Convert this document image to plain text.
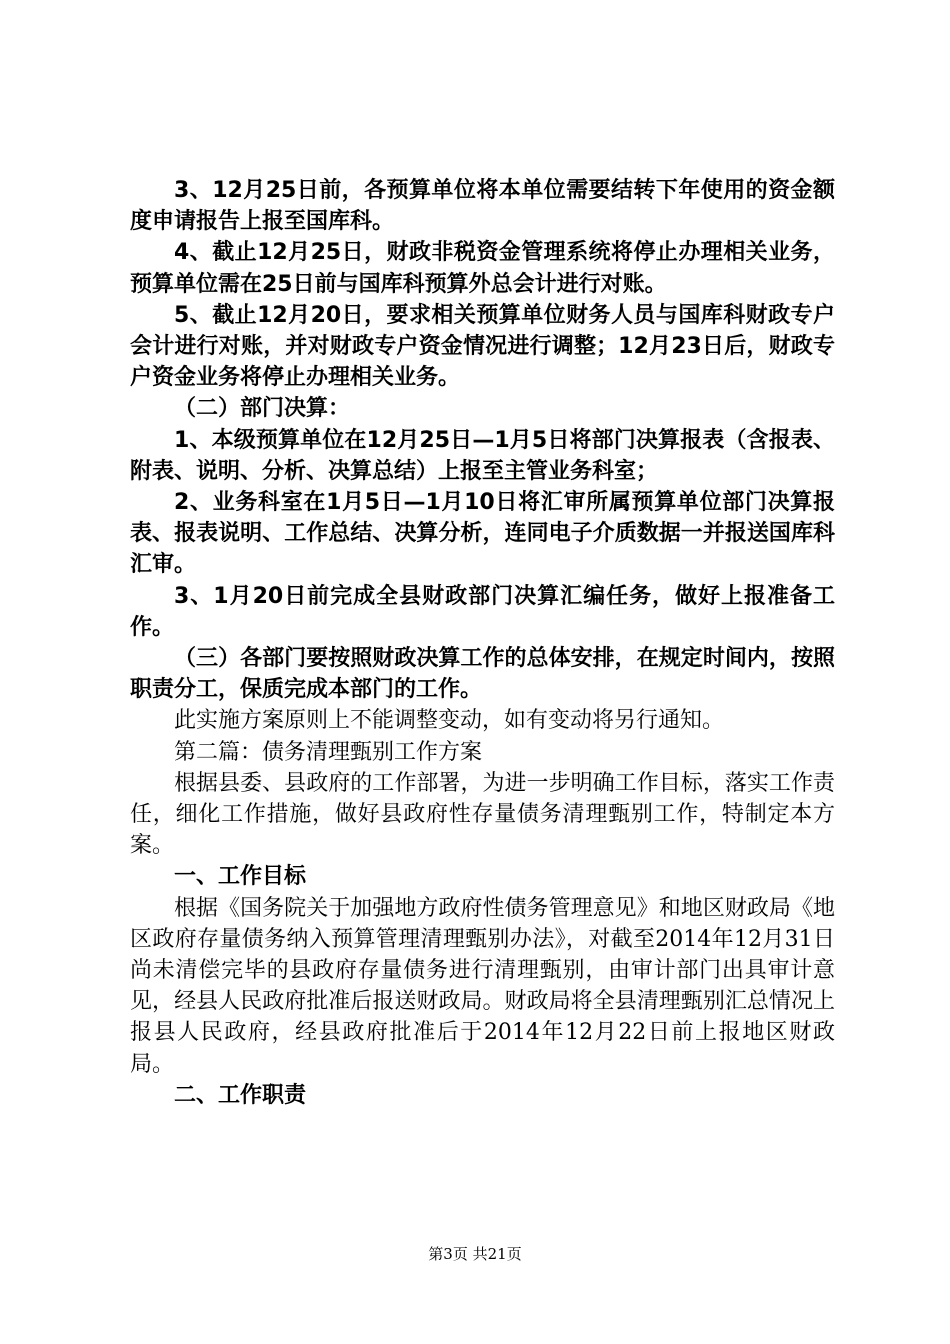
3、12月25日前，各预算单位将本单位需要结转下年使用的资金额度申请报告上报至国库科。

4、截止12月25日，财政非税资金管理系统将停止办理相关业务，预算单位需在25日前与国库科预算外总会计进行对账。

5、截止12月20日，要求相关预算单位财务人员与国库科财政专户会计进行对账，并对财政专户资金情况进行调整；12月23日后，财政专户资金业务将停止办理相关业务。

（二）部门决算：

1、本级预算单位在12月25日—1月5日将部门决算报表（含报表、附表、说明、分析、决算总结）上报至主管业务科室；

2、业务科室在1月5日—1月10日将汇审所属预算单位部门决算报表、报表说明、工作总结、决算分析，连同电子介质数据一并报送国库科汇审。

3、1月20日前完成全县财政部门决算汇编任务，做好上报准备工作。

（三）各部门要按照财政决算工作的总体安排，在规定时间内，按照职责分工，保质完成本部门的工作。

此实施方案原则上不能调整变动，如有变动将另行通知。

第二篇：债务清理甄别工作方案

根据县委、县政府的工作部署，为进一步明确工作目标，落实工作责任，细化工作措施，做好县政府性存量债务清理甄别工作，特制定本方案。

一、工作目标

根据《国务院关于加强地方政府性债务管理意见》和地区财政局《地区政府存量债务纳入预算管理清理甄别办法》，对截至2014年12月31日尚未清偿完毕的县政府存量债务进行清理甄别，由审计部门出具审计意见，经县人民政府批准后报送财政局。财政局将全县清理甄别汇总情况上报县人民政府，经县政府批准后于2014年12月22日前上报地区财政局。

二、工作职责

第3页 共21页
